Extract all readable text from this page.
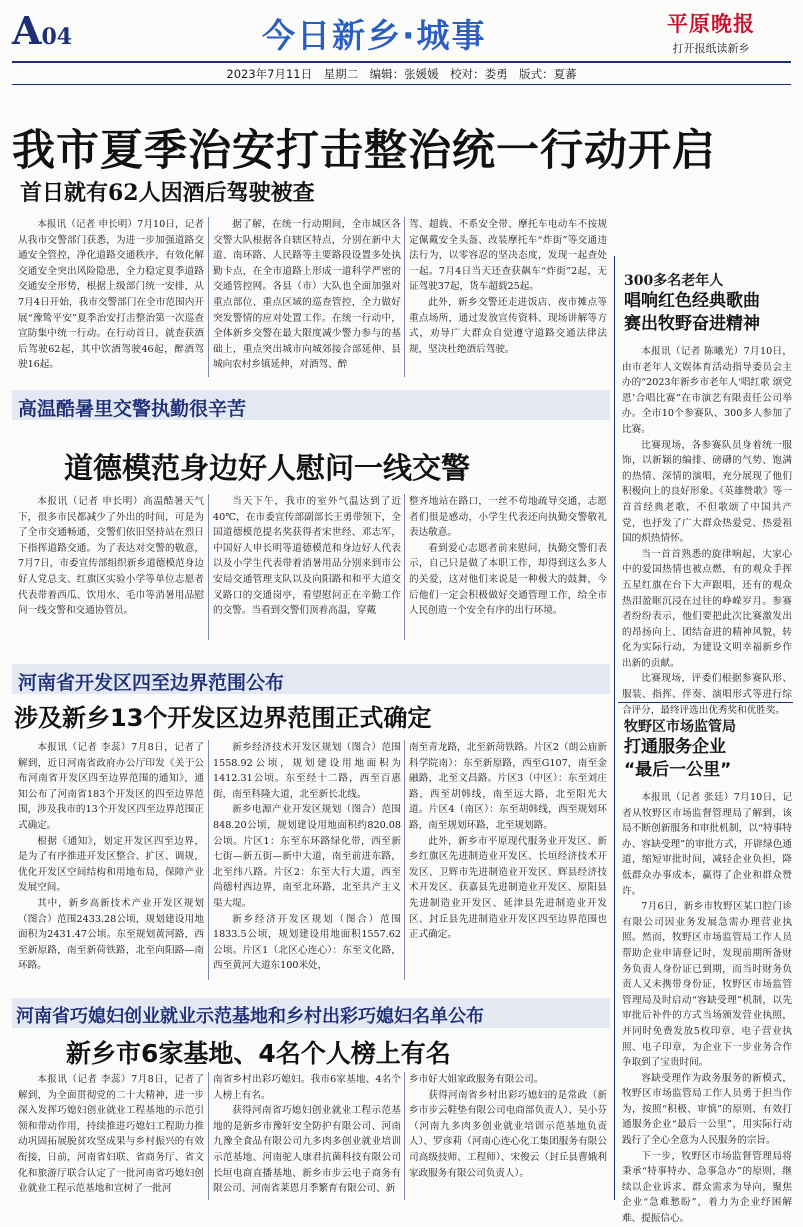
A04	今日新乡·城事	平原晚报
打开报纸读新乡
2023年7月11日　星期二　编辑：张媛媛　校对：娄勇　版式：夏蕃
我市夏季治安打击整治统一行动开启
首日就有62人因酒后驾驶被查

本报讯（记者 申长明）7月10日，记者从我市交警部门获悉，为进一步加强道路交通安全管控，净化道路交通秩序，有效化解交通安全突出风险隐患，全力稳定夏季道路交通安全形势，根据上级部门统一安排，从7月4日开始，我市交警部门在全市范围内开展“豫鸷平安”夏季治安打击整治第一次巡查宣防集中统一行动。在行动首日，就查获酒后驾驶62起，其中饮酒驾驶46起，醉酒驾驶16起。

据了解，在统一行动期间，全市城区各交警大队根据各自辖区特点，分别在新中大道、南环路、人民路等主要路段设置多处执勤卡点，在全市道路上形成一道科学严密的交通管控网。各县（市）大队也全面加强对重点部位、重点区域的巡查管控，全力做好突发警情的应对处置工作。在统一行动中，全体新乡交警在最大限度减少警力参与的基础上，重点突出城市向城郊接合部延伸、县城向农村乡镇延伸，对酒驾、醉

驾、超载、不系安全带、摩托车电动车不按规定佩戴安全头盔、改装摩托车“炸街”等交通违法行为，以零容忍的坚决态度，发现一起查处一起。7月4日当天还查获飙车“炸街”2起，无证驾驶37起，货车超载25起。

此外，新乡交警还走进饭店、夜市摊点等重点场所，通过发放宣传资料、现场讲解等方式，劝导广大群众自觉遵守道路交通法律法规，坚决杜绝酒后驾驶。

高温酷暑里交警执勤很辛苦
道德模范身边好人慰问一线交警

本报讯（记者 申长明）高温酷暑天气下，很多市民都减少了外出的时间，可是为了全市交通畅通，交警们依旧坚持站在烈日下指挥道路交通。为了表达对交警的敬意，7月7日，市委宣传部组织新乡道德模范身边好人党总支、红旗区实验小学等单位志愿者代表带着西瓜、饮用水、毛巾等消暑用品慰问一线交警和交通协管员。

当天下午，我市的室外气温达到了近40℃，在市委宣传部副部长王勇带领下，全国道德模范提名奖获得者宋世经、邓志军，中国好人申长明等道德模范和身边好人代表以及小学生代表带着消暑用品分别来到市公安局交通管理支队以及向阳路和和平大道交叉路口的交通岗亭，看望慰问正在辛勤工作的交警。当看到交警们顶着高温，穿戴

整齐地站在路口，一丝不苟地疏导交通，志愿者们很是感动，小学生代表还向执勤交警敬礼表达敬意。

看到爱心志愿者前来慰问，执勤交警们表示，自己只是做了本职工作，却得到这么多人的关爱，这对他们来说是一种极大的鼓舞，今后他们一定会积极做好交通管理工作，给全市人民创造一个安全有序的出行环境。

河南省开发区四至边界范围公布
涉及新乡13个开发区边界范围正式确定

本报讯（记者 李蕊）7月8日，记者了解到，近日河南省政府办公厅印发《关于公布河南省开发区四至边界范围的通知》，通知公布了河南省183个开发区的四至边界范围，涉及我市的13个开发区四至边界范围正式确定。

根据《通知》，划定开发区四至边界，是为了有序推进开发区整合、扩区、调规，优化开发区空间结构和用地布局，保障产业发展空间。

其中，新乡高新技术产业开发区规划（图合）范围2433.28公顷，规划建设用地面积为2431.47公顷。东至规划黄河路，西至新原路，南至新荷铁路，北至向阳路—南环路。

新乡经济技术开发区规划（图合）范围1558.92公顷，规划建设用地面积为1412.31公顷。东至经十二路，西至百惠街，南至科隆大道，北至新长北线。

新乡电源产业开发区规划（图合）范围848.20公顷，规划建设用地面积约820.08公顷。片区1：东至东环路绿化带，西至新七街—新五街—新中大道，南至前进东路，北至纬八路。片区2：东至大行大道，西至尚德村西边界，南至北环路，北至共产主义渠大堤。

新乡经济开发区规划（图合）范围1833.5公顷，规划建设用地面积1557.62公顷。片区1（北区心连心）：东至文化路，西至黄河大道东100米处，

南至青龙路，北至新菏铁路。片区2（朗公庙新科学院南）：东至新原路，西至G107，南至金融路，北至文昌路。片区3（中区）：东至刘庄路，西至胡韩线，南至远大路，北至阳光大道。片区4（南区）：东至胡韩线，西至规划环路，南至规划环路，北至规划路。

此外，新乡市平原现代服务业开发区、新乡红旗区先进制造业开发区、长垣经济技术开发区、卫辉市先进制造业开发区、辉县经济技术开发区、获嘉县先进制造业开发区、原阳县先进制造业开发区、延津县先进制造业开发区、封丘县先进制造业开发区四至边界范围也正式确定。

河南省巧媳妇创业就业示范基地和乡村出彩巧媳妇名单公布
新乡市6家基地、4名个人榜上有名

本报讯（记者 李蕊）7月8日，记者了解到，为全面贯彻党的二十大精神，进一步深入发挥巧媳妇创业就业工程基地的示范引领和带动作用，持续推进巧媳妇工程助力推动巩固拓展脱贫攻坚成果与乡村振兴的有效衔接，日前，河南省妇联、省商务厅、省文化和旅游厅联合认定了一批河南省巧媳妇创业就业工程示范基地和宣树了一批河

南省乡村出彩巧媳妇。我市6家基地、4名个人榜上有名。

获得河南省巧媳妇创业就业工程示范基地的是新乡市豫轩安全防护有限公司、河南九豫全食品有限公司九多肉多创业就业培训示范基地、河南驼人康君抗菌科技有限公司长垣电商直播基地、新乡市步云电子商务有限公司、河南省莱恩月季繁育有限公司、新

乡市好大姐家政服务有限公司。

获得河南省乡村出彩巧媳妇的是常政（新乡市步云鞋垫有限公司电商部负责人）、吴小芬（河南九多肉多创业就业培训示范基地负责人）、罗彦莉（河南心连心化工集团服务有限公司高级技师、工程师）、宋俊云（封丘县曹娥利家政服务有限公司负责人）。

300多名老年人
唱响红色经典歌曲
赛出牧野奋进精神

本报讯（记者 陈曦光）7月10日，由市老年人文娱体育活动指导委员会主办的“2023年新乡市老年人‘唱红歌 颂党恩’合唱比赛”在市演艺有限责任公司举办。全市10个参赛队、300多人参加了比赛。

比赛现场，各参赛队员身着统一服饰，以新颖的编排、磅礴的气势、饱满的热情、深情的演唱，充分展现了他们积极向上的良好形象。《英雄赞歌》等一首首经典老歌，不但歌颂了中国共产党，也抒发了广大群众热爱党、热爱祖国的炽热情怀。

当一首首熟悉的旋律响起，大家心中的爱国热情也被点燃，有的观众手挥五星红旗在台下大声跟唱，还有的观众热泪盈眶沉浸在过往的峥嵘岁月。参赛者纷纷表示，他们要把此次比赛激发出的昂扬向上、团结奋进的精神风貌，转化为实际行动，为建设文明幸福新乡作出新的贡献。

比赛现场，评委们根据参赛队形、服装、指挥、伴奏、演唱形式等进行综合评分，最终评选出优秀奖和优胜奖。

牧野区市场监管局
打通服务企业
“最后一公里”

本报讯（记者 张廷）7月10日，记者从牧野区市场监督管理局了解到，该局不断创新服务和审批机制，以“特事特办、容缺受理”的审批方式，开辟绿色通道，缩短审批时间，减轻企业负担，降低群众办事成本，赢得了企业和群众赞许。

7月6日，新乡市牧野区某口腔门诊有限公司因业务发展急需办理营业执照。然而，牧野区市场监管局工作人员帮助企业申请登记时，发现前期所备财务负责人身份证已到期，而当时财务负责人又未携带身份证，牧野区市场监管管理局及时启动“容缺受理”机制，以先审批后补件的方式当场颁发营业执照，并同时免费发放5枚印章、电子营业执照、电子印章，为企业下一步业务合作争取到了宝贵时间。

容缺受理作为政务服务的新模式，牧野区市场监管局工作人员勇于担当作为，按照“积极、审慎”的原则，有效打通服务企业“最后一公里”，用实际行动践行了全心全意为人民服务的宗旨。

下一步，牧野区市场监督管理局将秉承“特事特办、急事急办”的原则，继续以企业诉求、群众需求为导向，聚焦企业“急难愁盼”，着力为企业纾困解难、提振信心。
